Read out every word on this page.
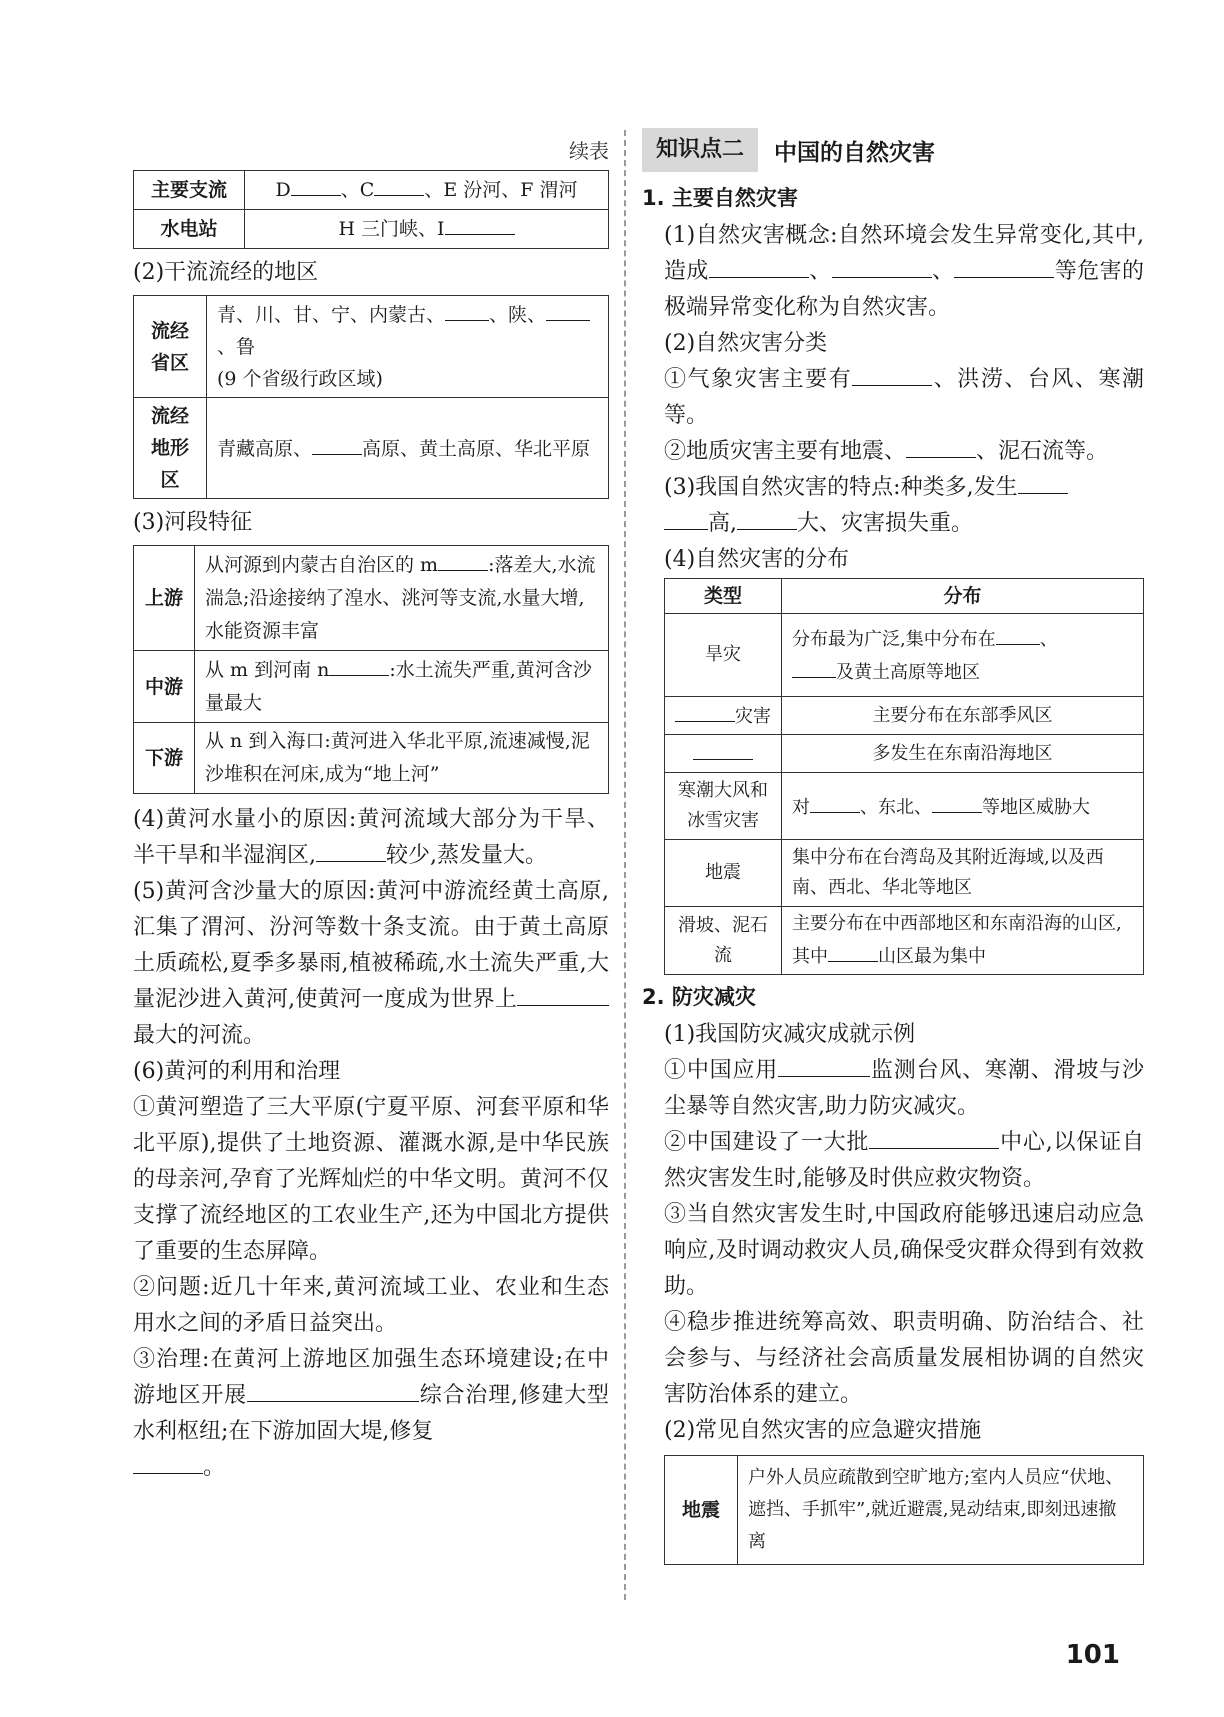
续表
主要支流	D 、C 、E 汾河、F 渭河
水电站	H 三门峡、I

(2)干流流经的地区

流经省区	青、川、甘、宁、内蒙古、 、陕、、鲁
(9 个省级行政区域)
流经地形区	青藏高原、 高原、黄土高原、华北平原

(3)河段特征

上游	从河源到内蒙古自治区的 m :落差大,水流湍急;沿途接纳了湟水、洮河等支流,水量大增,水能资源丰富
中游	从 m 到河南 n :水土流失严重,黄河含沙量最大
下游	从 n 到入海口:黄河进入华北平原,流速减慢,泥沙堆积在河床,成为“地上河”

(4)黄河水量小的原因:黄河流域大部分为干旱、半干旱和半湿润区,	较少,蒸发量大。

(5)黄河含沙量大的原因:黄河中游流经黄土高原,汇集了渭河、汾河等数十条支流。由于黄土高原土质疏松,夏季多暴雨,植被稀疏,水土流失严重,大量泥沙进入黄河,使黄河一度成为世界上最大的河流。

(6)黄河的利用和治理

①黄河塑造了三大平原(宁夏平原、河套平原和华北平原),提供了土地资源、灌溉水源,是中华民族的母亲河,孕育了光辉灿烂的中华文明。黄河不仅支撑了流经地区的工农业生产,还为中国北方提供了重要的生态屏障。

②问题:近几十年来,黄河流域工业、农业和生态用水之间的矛盾日益突出。

③治理:在黄河上游地区加强生态环境建设;在中游地区开展	综合治理,修建大型水利枢纽;在下游加固大堤,修复
。

知识点二	中国的自然灾害
1. 主要自然灾害

(1)自然灾害概念:自然环境会发生异常变化,其中,造成	、	、	等危害的极端异常变化称为自然灾害。

(2)自然灾害分类

①气象灾害主要有	、洪涝、台风、寒潮等。

②地质灾害主要有地震、	、泥石流等。

(3)我国自然灾害的特点:种类多,发生
高,	大、灾害损失重。

(4)自然灾害的分布

类型	分布
旱灾	分布最为广泛,集中分布在 、
及黄土高原等地区
灾害	主要分布在东部季风区
	多发生在东南沿海地区
寒潮大风和冰雪灾害	对 、东北、 等地区威胁大
地震	集中分布在台湾岛及其附近海域,以及西南、西北、华北等地区
滑坡、泥石流	主要分布在中西部地区和东南沿海的山区,其中 山区最为集中
2. 防灾减灾

(1)我国防灾减灾成就示例

①中国应用	监测台风、寒潮、滑坡与沙尘暴等自然灾害,助力防灾减灾。

②中国建设了一大批	中心,以保证自然灾害发生时,能够及时供应救灾物资。

③当自然灾害发生时,中国政府能够迅速启动应急响应,及时调动救灾人员,确保受灾群众得到有效救助。

④稳步推进统筹高效、职责明确、防治结合、社会参与、与经济社会高质量发展相协调的自然灾害防治体系的建立。

(2)常见自然灾害的应急避灾措施

地震	户外人员应疏散到空旷地方;室内人员应“伏地、遮挡、手抓牢”,就近避震,晃动结束,即刻迅速撤离
101
